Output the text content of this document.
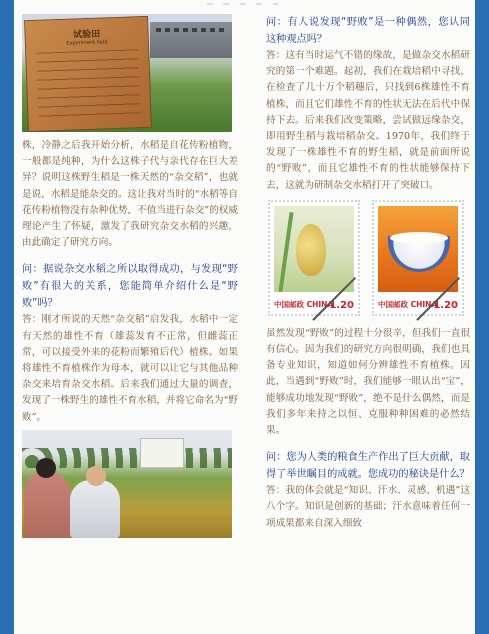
~ ~ ~ ~ ~
试验田
Experiment field

株，冷静之后我开始分析，水稻是自花传粉植物，一般都是纯种，为什么这株子代与亲代存在巨大差异？说明这株野生稻是一株天然的“杂交稻”，也就是说，水稻是能杂交的。这让我对当时的“水稻等自花传粉植物没有杂种优势，不值当进行杂交”的权威理论产生了怀疑，激发了我研究杂交水稻的兴趣，由此确定了研究方向。

问：据说杂交水稻之所以取得成功，与发现“野败”有很大的关系，您能简单介绍什么是“野败”吗？

答：刚才所说的天然“杂交稻”启发我，水稻中一定有天然的雄性不育（雄蕊发育不正常，但雌蕊正常，可以接受外来的花粉而繁殖后代）植株。如果将雄性不育植株作为母本，就可以让它与其他品种杂交来培育杂交水稻。后来我们通过大量的调查，发现了一株野生的雄性不育水稻，并将它命名为“野败”。

问：有人说发现“野败”是一种偶然，您认同这种观点吗？

答：这有当时运气不错的缘故，是做杂交水稻研究的第一个难题。起初，我们在栽培稻中寻找，在检查了几十万个稻穗后，只找到6株雄性不育植株，而且它们雄性不育的性状无法在后代中保持下去。后来我们改变策略，尝试做远缘杂交，即用野生稻与栽培稻杂交。1970年，我们终于发现了一株雄性不育的野生稻，就是前面所说的“野败”，而且它雄性不育的性状能够保持下去，这就为研制杂交水稻打开了突破口。

中国邮政 CHINA
1.20	中国邮政 CHINA
1.20

虽然发现“野败”的过程十分很辛，但我们一直很有信心。因为我们的研究方向很明确，我们也具备专业知识，知道如何分辨雄性不育植株。因此，当遇到“野败”时，我们能够一眼认出“宝”，能够成功地发现“野败”，绝不是什么偶然，而是我们多年来持之以恒、克服种种困难的必然结果。

问：您为人类的粮食生产作出了巨大贡献，取得了举世瞩目的成就。您成功的秘诀是什么？

答：我的体会就是“知识、汗水、灵感、机遇”这八个字。知识是创新的基础；汗水意味着任何一项成果都来自深入细致
